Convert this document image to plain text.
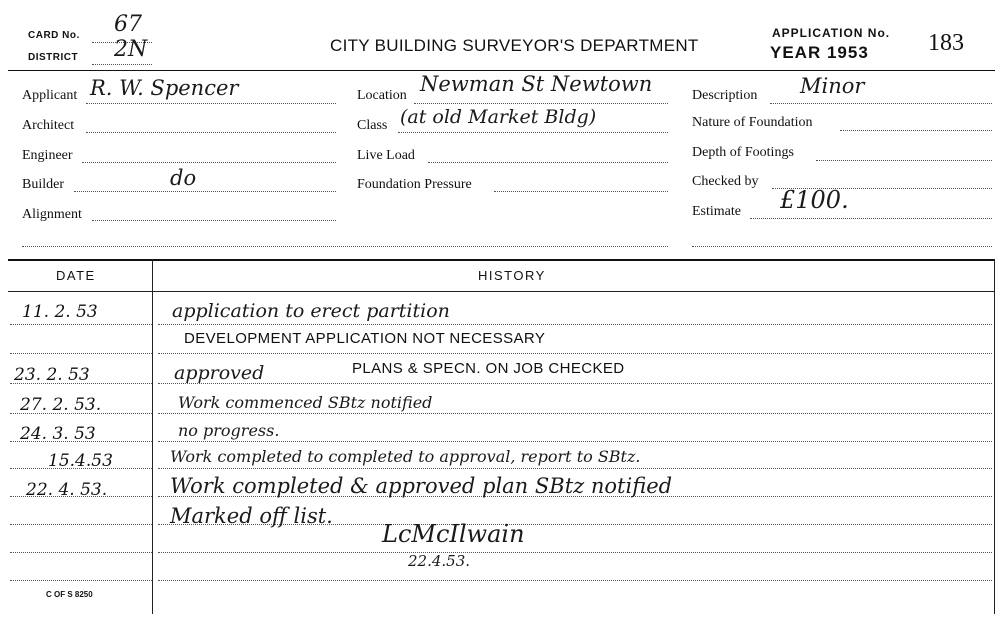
CARD No. 67
DISTRICT 2N	CITY BUILDING SURVEYOR'S DEPARTMENT
APPLICATION No.
YEAR 1953 183
Applicant R. W. Spencer
Architect
Engineer
Builder	do
Alignment
Location Newman St Newtown
Class (at old Market Bldg)
Live Load
Foundation Pressure
Description Minor
Nature of Foundation
Depth of Footings
Checked by
Estimate £100.
DATE	HISTORY
11. 2. 53	application to erect partition
DEVELOPMENT APPLICATION NOT NECESSARY
23. 2. 53	approved	PLANS & SPECN. ON JOB CHECKED
27. 2. 53.	Work commenced SBtz notified
24. 3. 53	no progress.
15.4.53	Work completed to completed to approval, report to SBtz.
22. 4. 53.	Work completed & approved plan SBtz notified
Marked off list.
LcMcIlwain
22.4.53.
C OF S 8250
